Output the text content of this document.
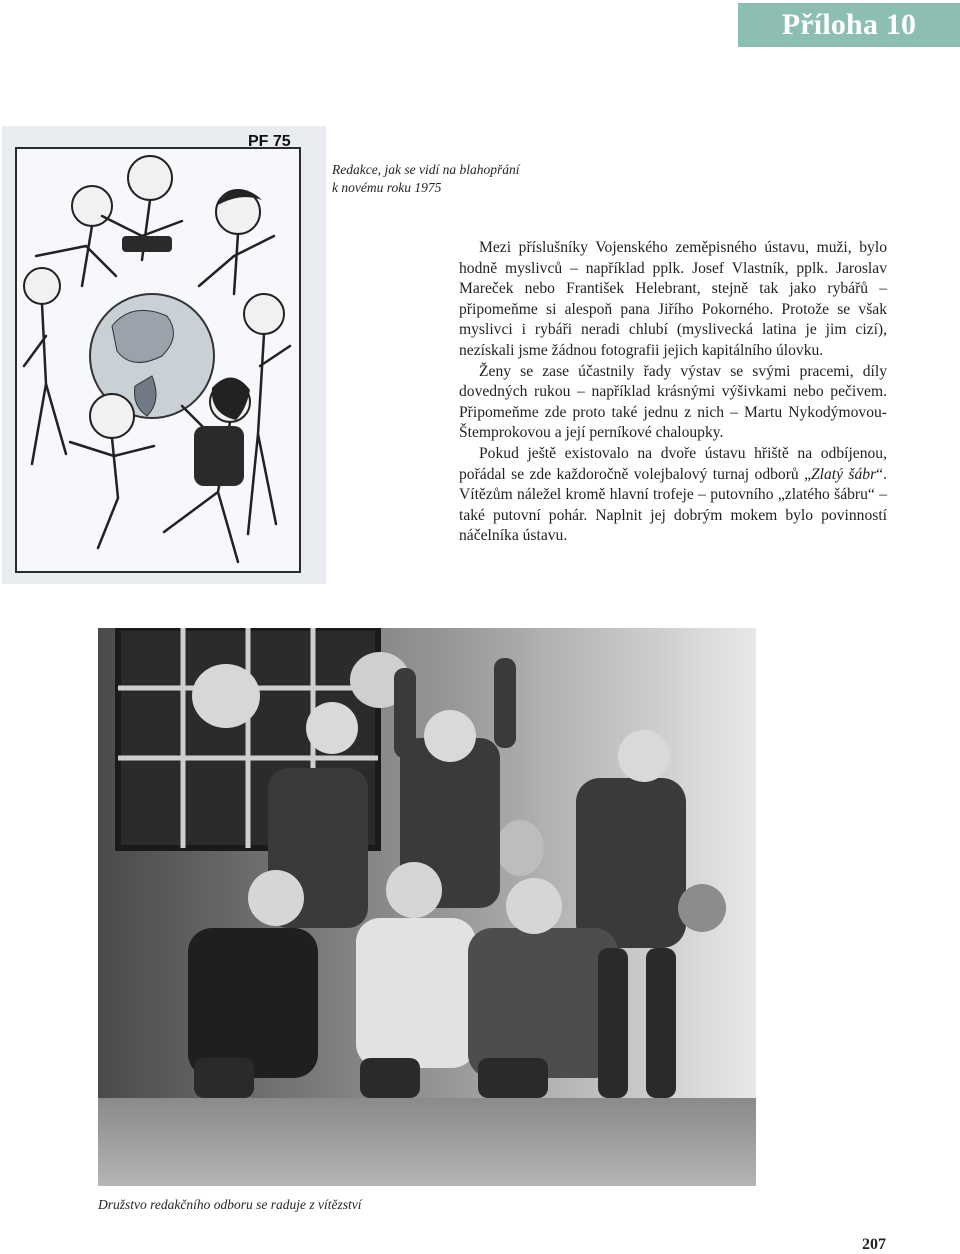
Příloha 10
PF 75
Redakce, jak se vidí na blahopřání
k novému roku 1975

Mezi příslušníky Vojenského zeměpisného ústavu, muži, bylo hodně myslivců – například pplk. Josef Vlastník, pplk. Jaroslav Mareček nebo František Helebrant, stejně tak jako rybářů – připomeňme si alespoň pana Jiřího Pokorného. Protože se však myslivci i rybáři neradi chlubí (myslivecká latina je jim cizí), nezískali jsme žádnou fotografii jejich kapitálního úlovku.

Ženy se zase účastnily řady výstav se svými pracemi, díly dovedných rukou – například krásnými výšivkami nebo pečivem. Připomeňme zde proto také jednu z nich – Martu Nykodýmovou-Štemprokovou a její perníkové chaloupky.

Pokud ještě existovalo na dvoře ústavu hřiště na odbíjenou, pořádal se zde každoročně volejbalový turnaj odborů „Zlatý šábr“. Vítězům náležel kromě hlavní trofeje – putovního „zlatého šábru“ – také putovní pohár. Naplnit jej dobrým mokem bylo povinností náčelníka ústavu.

Družstvo redakčního odboru se raduje z vítězství
207
